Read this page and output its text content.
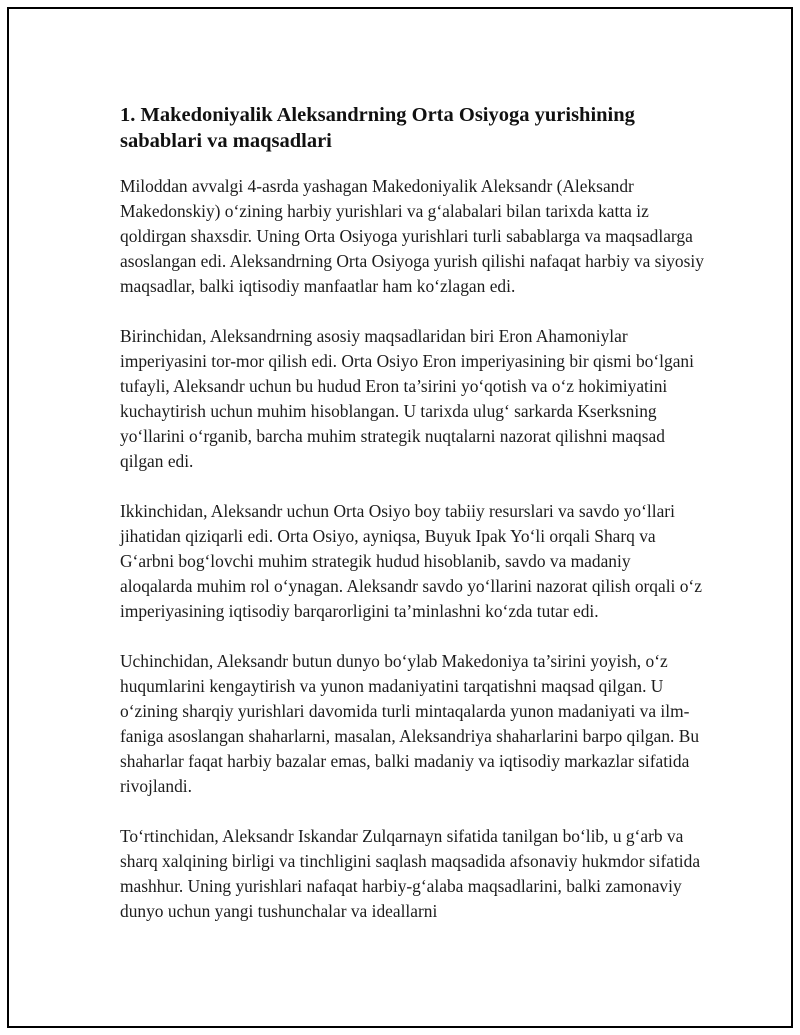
1. Makedoniyalik Aleksandrning Orta Osiyoga yurishining sabablari va maqsadlari

Miloddan avvalgi 4-asrda yashagan Makedoniyalik Aleksandr (Aleksandr Makedonskiy) o‘zining harbiy yurishlari va g‘alabalari bilan tarixda katta iz qoldirgan shaxsdir. Uning Orta Osiyoga yurishlari turli sabablarga va maqsadlarga asoslangan edi. Aleksandrning Orta Osiyoga yurish qilishi nafaqat harbiy va siyosiy maqsadlar, balki iqtisodiy manfaatlar ham ko‘zlagan edi.

Birinchidan, Aleksandrning asosiy maqsadlaridan biri Eron Ahamoniylar imperiyasini tor-mor qilish edi. Orta Osiyo Eron imperiyasining bir qismi bo‘lgani tufayli, Aleksandr uchun bu hudud Eron ta’sirini yo‘qotish va o‘z hokimiyatini kuchaytirish uchun muhim hisoblangan. U tarixda ulug‘ sarkarda Kserksning yo‘llarini o‘rganib, barcha muhim strategik nuqtalarni nazorat qilishni maqsad qilgan edi.

Ikkinchidan, Aleksandr uchun Orta Osiyo boy tabiiy resurslari va savdo yo‘llari jihatidan qiziqarli edi. Orta Osiyo, ayniqsa, Buyuk Ipak Yo‘li orqali Sharq va G‘arbni bog‘lovchi muhim strategik hudud hisoblanib, savdo va madaniy aloqalarda muhim rol o‘ynagan. Aleksandr savdo yo‘llarini nazorat qilish orqali o‘z imperiyasining iqtisodiy barqarorligini ta’minlashni ko‘zda tutar edi.

Uchinchidan, Aleksandr butun dunyo bo‘ylab Makedoniya ta’sirini yoyish, o‘z huqumlarini kengaytirish va yunon madaniyatini tarqatishni maqsad qilgan. U o‘zining sharqiy yurishlari davomida turli mintaqalarda yunon madaniyati va ilm-faniga asoslangan shaharlarni, masalan, Aleksandriya shaharlarini barpo qilgan. Bu shaharlar faqat harbiy bazalar emas, balki madaniy va iqtisodiy markazlar sifatida rivojlandi.

To‘rtinchidan, Aleksandr Iskandar Zulqarnayn sifatida tanilgan bo‘lib, u g‘arb va sharq xalqining birligi va tinchligini saqlash maqsadida afsonaviy hukmdor sifatida mashhur. Uning yurishlari nafaqat harbiy-g‘alaba maqsadlarini, balki zamonaviy dunyo uchun yangi tushunchalar va ideallarni
